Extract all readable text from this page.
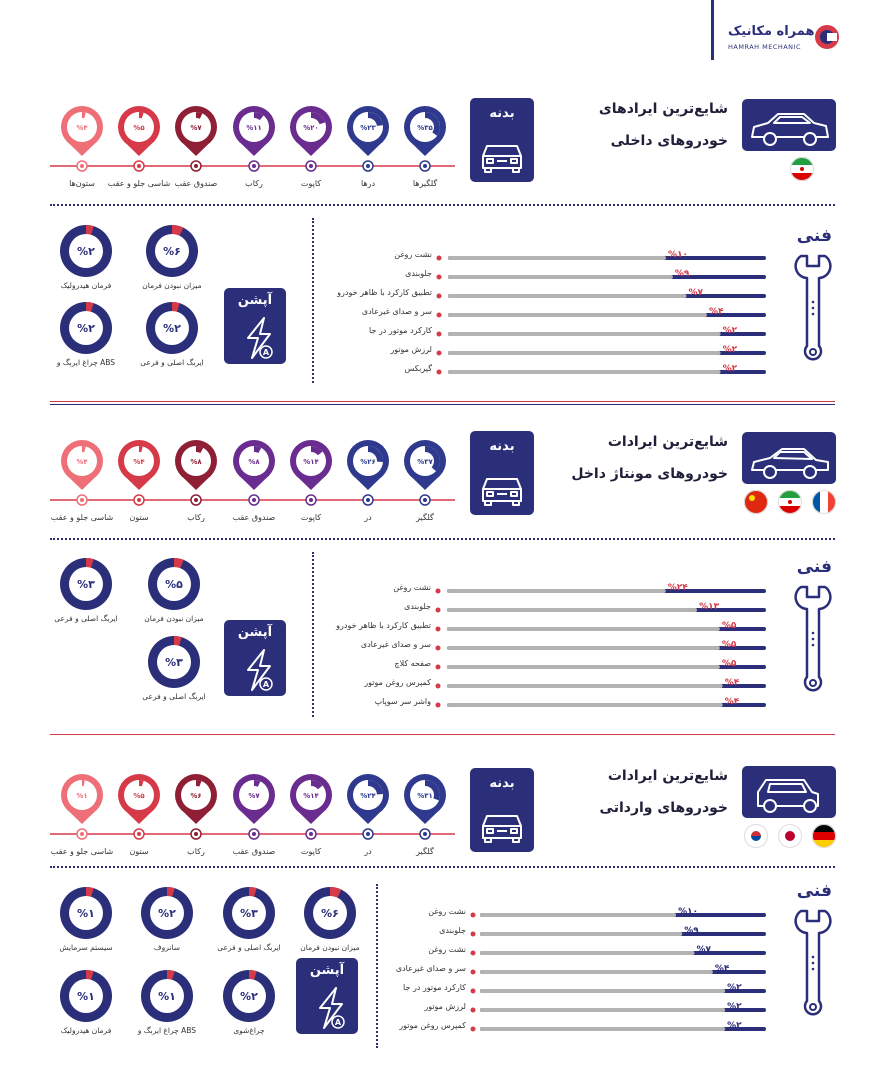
همراه مکانیک
HAMRAH MECHANIC
شایع‌ترین ایرادهای
خودروهای داخلی
بدنه
%۳۵
گلگیرها
%۲۳
درها
%۲۰
کاپوت
%۱۱
رکاب
%۷
صندوق عقب
%۵
شاسی جلو و عقب
%۴
ستون‌ها
فنی
%۱۰
نشت روغن
%۹
جلوبندی
%۷
تطبیق کارکرد با ظاهر خودرو
%۴
سر و صدای غیرعادی
%۲
کارکرد موتور در جا
%۲
لرزش موتور
%۲
گیربکس
آپشن
A
%۶
میزان نبودن فرمان
%۲
فرمان هیدرولیک
%۲
ایربگ اصلی و فرعی
%۲
چراغ ایربگ و ABS
شایع‌ترین ایرادات
خودروهای مونتاژ داخل
بدنه
%۳۷
گلگیر
%۲۶
در
%۱۴
کاپوت
%۸
صندوق عقب
%۸
رکاب
%۴
ستون
%۴
شاسی جلو و عقب
فنی
%۲۴
نشت روغن
%۱۳
جلوبندی
%۵
تطبیق کارکرد با ظاهر خودرو
%۵
سر و صدای غیرعادی
%۵
صفحه کلاچ
%۴
کمپرس روغن موتور
%۴
واشر سر سوپاپ
آپشن
A
%۵
میزان نبودن فرمان
%۳
ایربگ اصلی و فرعی
%۳
ایربگ اصلی و فرعی
شایع‌ترین ایرادات
خودروهای وارداتی
بدنه
%۳۱
گلگیر
%۲۴
در
%۱۴
کاپوت
%۷
صندوق عقب
%۶
رکاب
%۵
ستون
%۱
شاسی جلو و عقب
فنی
%۱۰
نشت روغن
%۹
جلوبندی
%۷
نشت روغن
%۴
سر و صدای غیرعادی
%۲
کارکرد موتور در جا
%۲
لرزش موتور
%۲
کمپرس روغن موتور
آپشن
A
%۶
میزان نبودن فرمان
%۳
ایربگ اصلی و فرعی
%۲
سانروف
%۱
سیستم سرمایش
%۲
چراغ‌شوی
%۱
چراغ ایربگ و ABS
%۱
فرمان هیدرولیک
